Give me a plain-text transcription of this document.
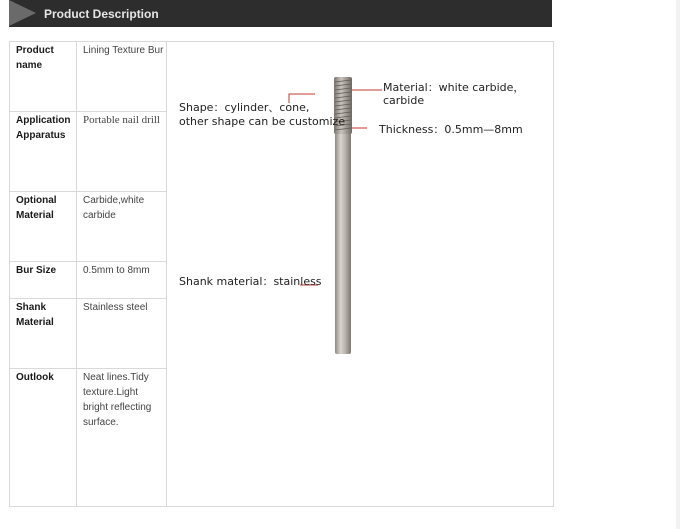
Product Description
Product name
Lining Texture Bur
Application Apparatus
Portable nail drill
Optional Material
Carbide,white carbide
Bur Size	0.5mm to 8mm
Shank Material
Stainless steel
Outlook	Neat lines.Tidy texture.Light bright reflecting surface.
Material：white carbide，carbide
Shape：cylinder、cone,
other shape can be customize
Thickness：0.5mm—8mm
Shank material：stainless
